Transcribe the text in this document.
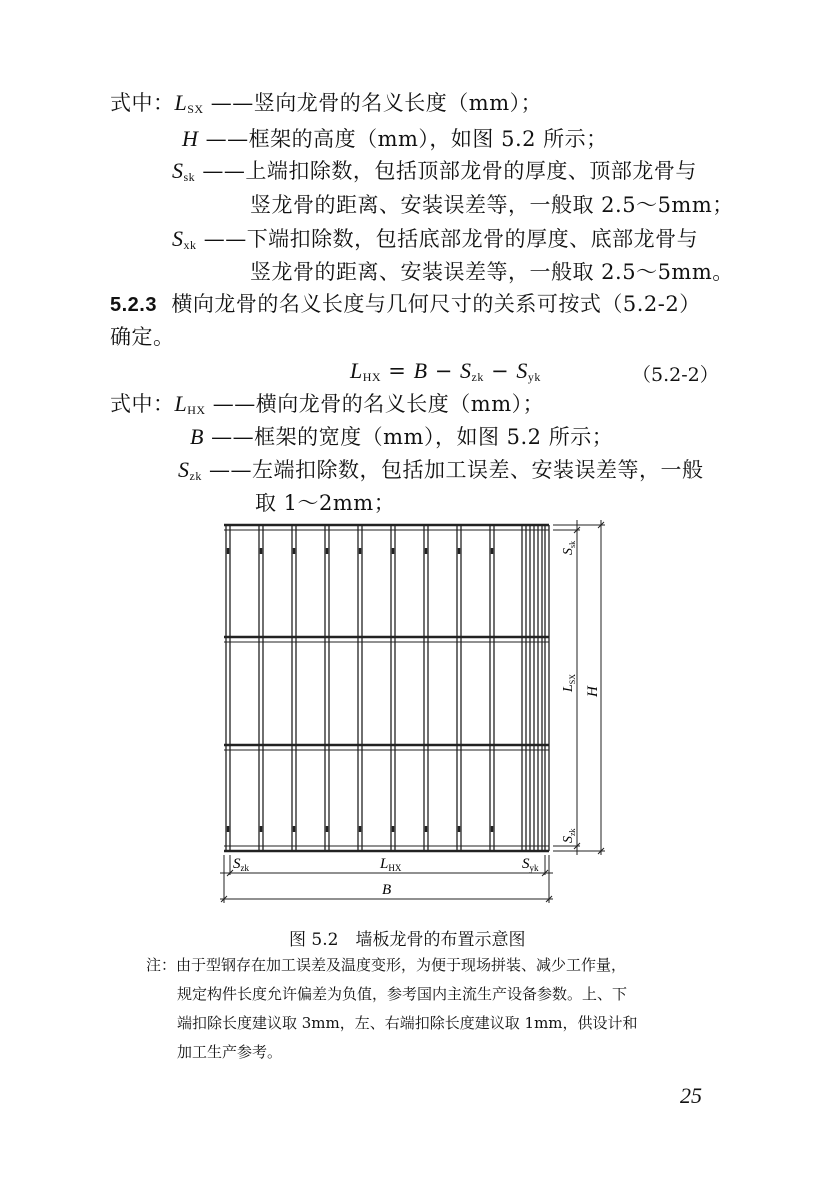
式中：$L_{SX}$ ——竖向龙骨的名义长度（mm）；
H ——框架的高度（mm），如图 5.2 所示；
$S_{sk}$ ——上端扣除数，包括顶部龙骨的厚度、顶部龙骨与
竖龙骨的距离、安装误差等，一般取 2.5～5mm；
$S_{xk}$ ——下端扣除数，包括底部龙骨的厚度、底部龙骨与
竖龙骨的距离、安装误差等，一般取 2.5～5mm。
5.2.3 横向龙骨的名义长度与几何尺寸的关系可按式（5.2-2）
确定。
$L_{HX} = B - S_{zk} - S_{yk}$	（5.2-2）
式中：$L_{HX}$ ——横向龙骨的名义长度（mm）；
B ——框架的宽度（mm），如图 5.2 所示；
$S_{zk}$ ——左端扣除数，包括加工误差、安装误差等，一般
取 1～2mm；
$S_{zk}$	$L_{HX}$	$S_{yk}$
B
$S_{sk}$
$L_{SX}$
H
$S_{zk}$
图 5.2　墙板龙骨的布置示意图
注：由于型钢存在加工误差及温度变形，为便于现场拼装、减少工作量，
规定构件长度允许偏差为负值，参考国内主流生产设备参数。上、下
端扣除长度建议取 3mm，左、右端扣除长度建议取 1mm，供设计和
加工生产参考。
25
